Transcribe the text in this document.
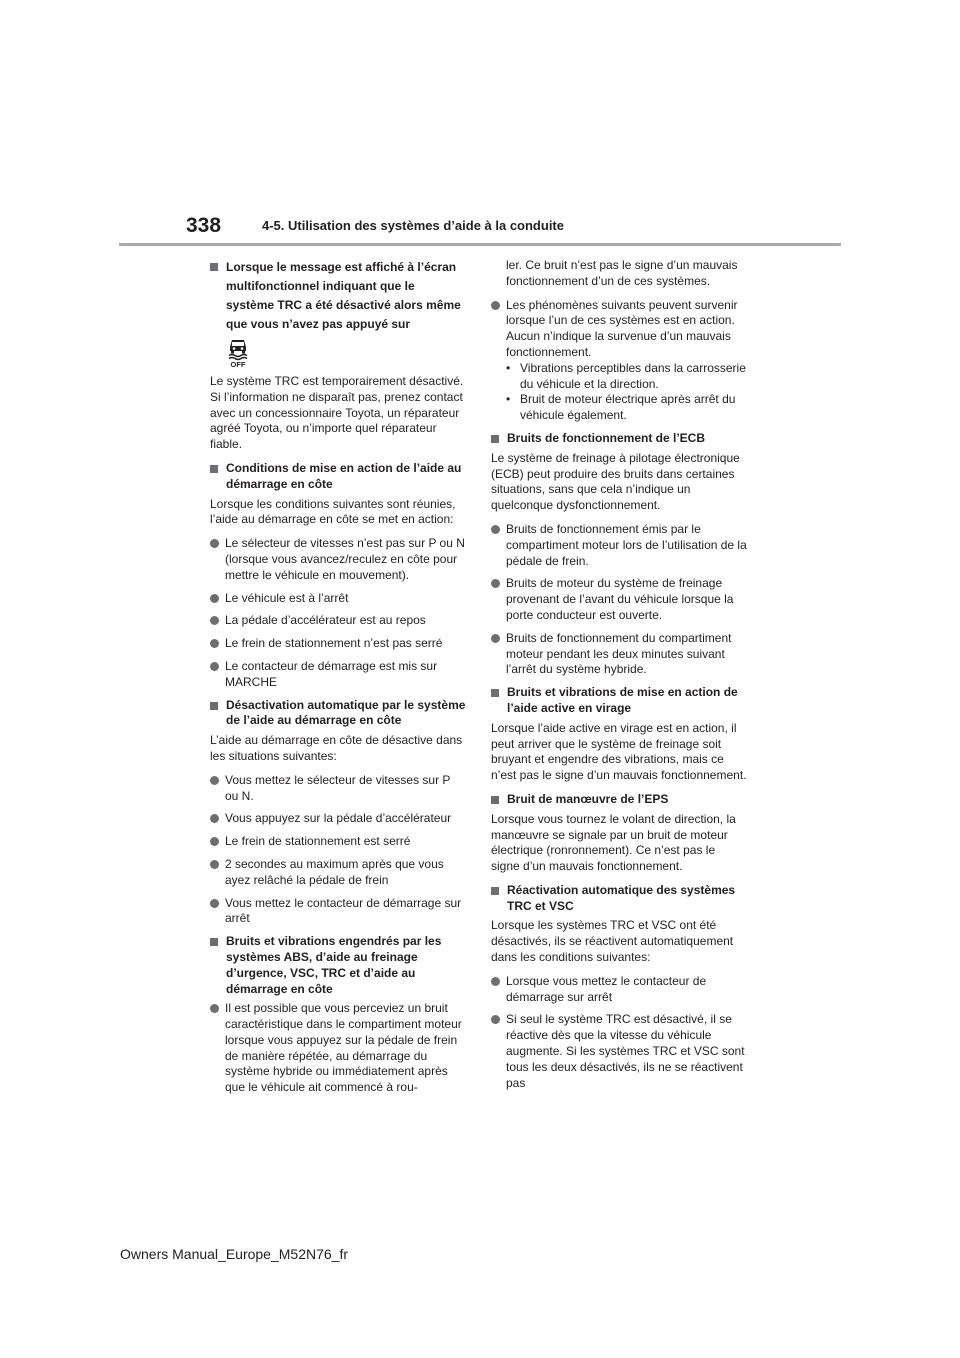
338	4-5. Utilisation des systèmes d’aide à la conduite
Lorsque le message est affiché à l’écran multifonctionnel indiquant que le système TRC a été désactivé alors même que vous n’avez pas appuyé sur
OFF
Le système TRC est temporairement désactivé. Si l’information ne disparaît pas, prenez contact avec un concessionnaire Toyota, un réparateur agréé Toyota, ou n’importe quel réparateur fiable.
Conditions de mise en action de l’aide au démarrage en côte
Lorsque les conditions suivantes sont réunies, l’aide au démarrage en côte se met en action:
Le sélecteur de vitesses n’est pas sur P ou N (lorsque vous avancez/reculez en côte pour mettre le véhicule en mouvement).
Le véhicule est à l’arrêt
La pédale d’accélérateur est au repos
Le frein de stationnement n’est pas serré
Le contacteur de démarrage est mis sur MARCHE
Désactivation automatique par le système de l’aide au démarrage en côte
L’aide au démarrage en côte de désactive dans les situations suivantes:
Vous mettez le sélecteur de vitesses sur P ou N.
Vous appuyez sur la pédale d’accélérateur
Le frein de stationnement est serré
2 secondes au maximum après que vous ayez relâché la pédale de frein
Vous mettez le contacteur de démarrage sur arrêt
Bruits et vibrations engendrés par les systèmes ABS, d’aide au freinage d’urgence, VSC, TRC et d’aide au démarrage en côte
Il est possible que vous perceviez un bruit caractéristique dans le compartiment moteur lorsque vous appuyez sur la pédale de frein de manière répétée, au démarrage du système hybride ou immédiatement après que le véhicule ait commencé à rou-
ler. Ce bruit n’est pas le signe d’un mauvais fonctionnement d’un de ces systèmes.
Les phénomènes suivants peuvent survenir lorsque l’un de ces systèmes est en action. Aucun n’indique la survenue d’un mauvais fonctionnement.
• Vibrations perceptibles dans la carrosserie du véhicule et la direction.
• Bruit de moteur électrique après arrêt du véhicule également.
Bruits de fonctionnement de l’ECB
Le système de freinage à pilotage électronique (ECB) peut produire des bruits dans certaines situations, sans que cela n’indique un quelconque dysfonctionnement.
Bruits de fonctionnement émis par le compartiment moteur lors de l’utilisation de la pédale de frein.
Bruits de moteur du système de freinage provenant de l’avant du véhicule lorsque la porte conducteur est ouverte.
Bruits de fonctionnement du compartiment moteur pendant les deux minutes suivant l’arrêt du système hybride.
Bruits et vibrations de mise en action de l’aide active en virage
Lorsque l’aide active en virage est en action, il peut arriver que le système de freinage soit bruyant et engendre des vibrations, mais ce n’est pas le signe d’un mauvais fonctionnement.
Bruit de manœuvre de l’EPS
Lorsque vous tournez le volant de direction, la manœuvre se signale par un bruit de moteur électrique (ronronnement). Ce n’est pas le signe d’un mauvais fonctionnement.
Réactivation automatique des systèmes TRC et VSC
Lorsque les systèmes TRC et VSC ont été désactivés, ils se réactivent automatiquement dans les conditions suivantes:
Lorsque vous mettez le contacteur de démarrage sur arrêt
Si seul le système TRC est désactivé, il se réactive dès que la vitesse du véhicule augmente. Si les systèmes TRC et VSC sont tous les deux désactivés, ils ne se réactivent pas
Owners Manual_Europe_M52N76_fr
